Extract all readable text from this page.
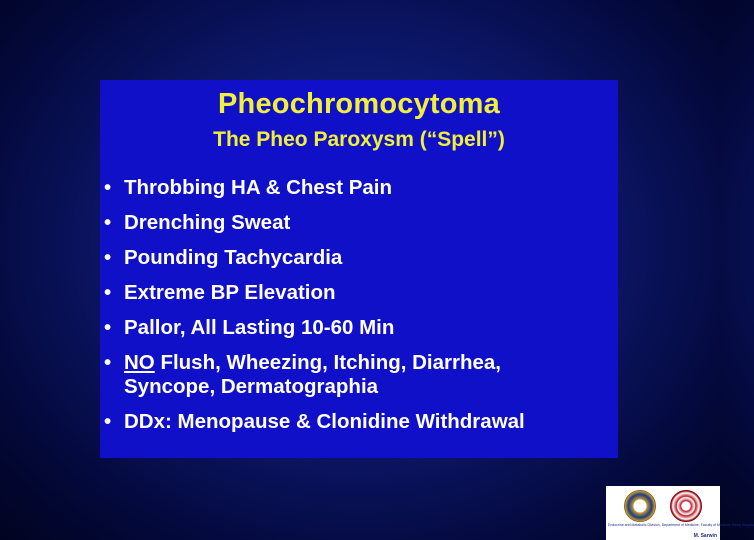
Pheochromocytoma
The Pheo Paroxysm (“Spell”)
• Throbbing HA & Chest Pain
• Drenching Sweat
• Pounding Tachycardia
• Extreme BP Elevation
• Pallor, All Lasting 10-60 Min
• NO Flush, Wheezing, Itching, Diarrhea,
Syncope, Dermatographia
• DDx: Menopause & Clonidine Withdrawal
Endocrine and Metabolic Division, Department of Medicine, Faculty of Medicine Siriraj Hospital
M. Sarwin
